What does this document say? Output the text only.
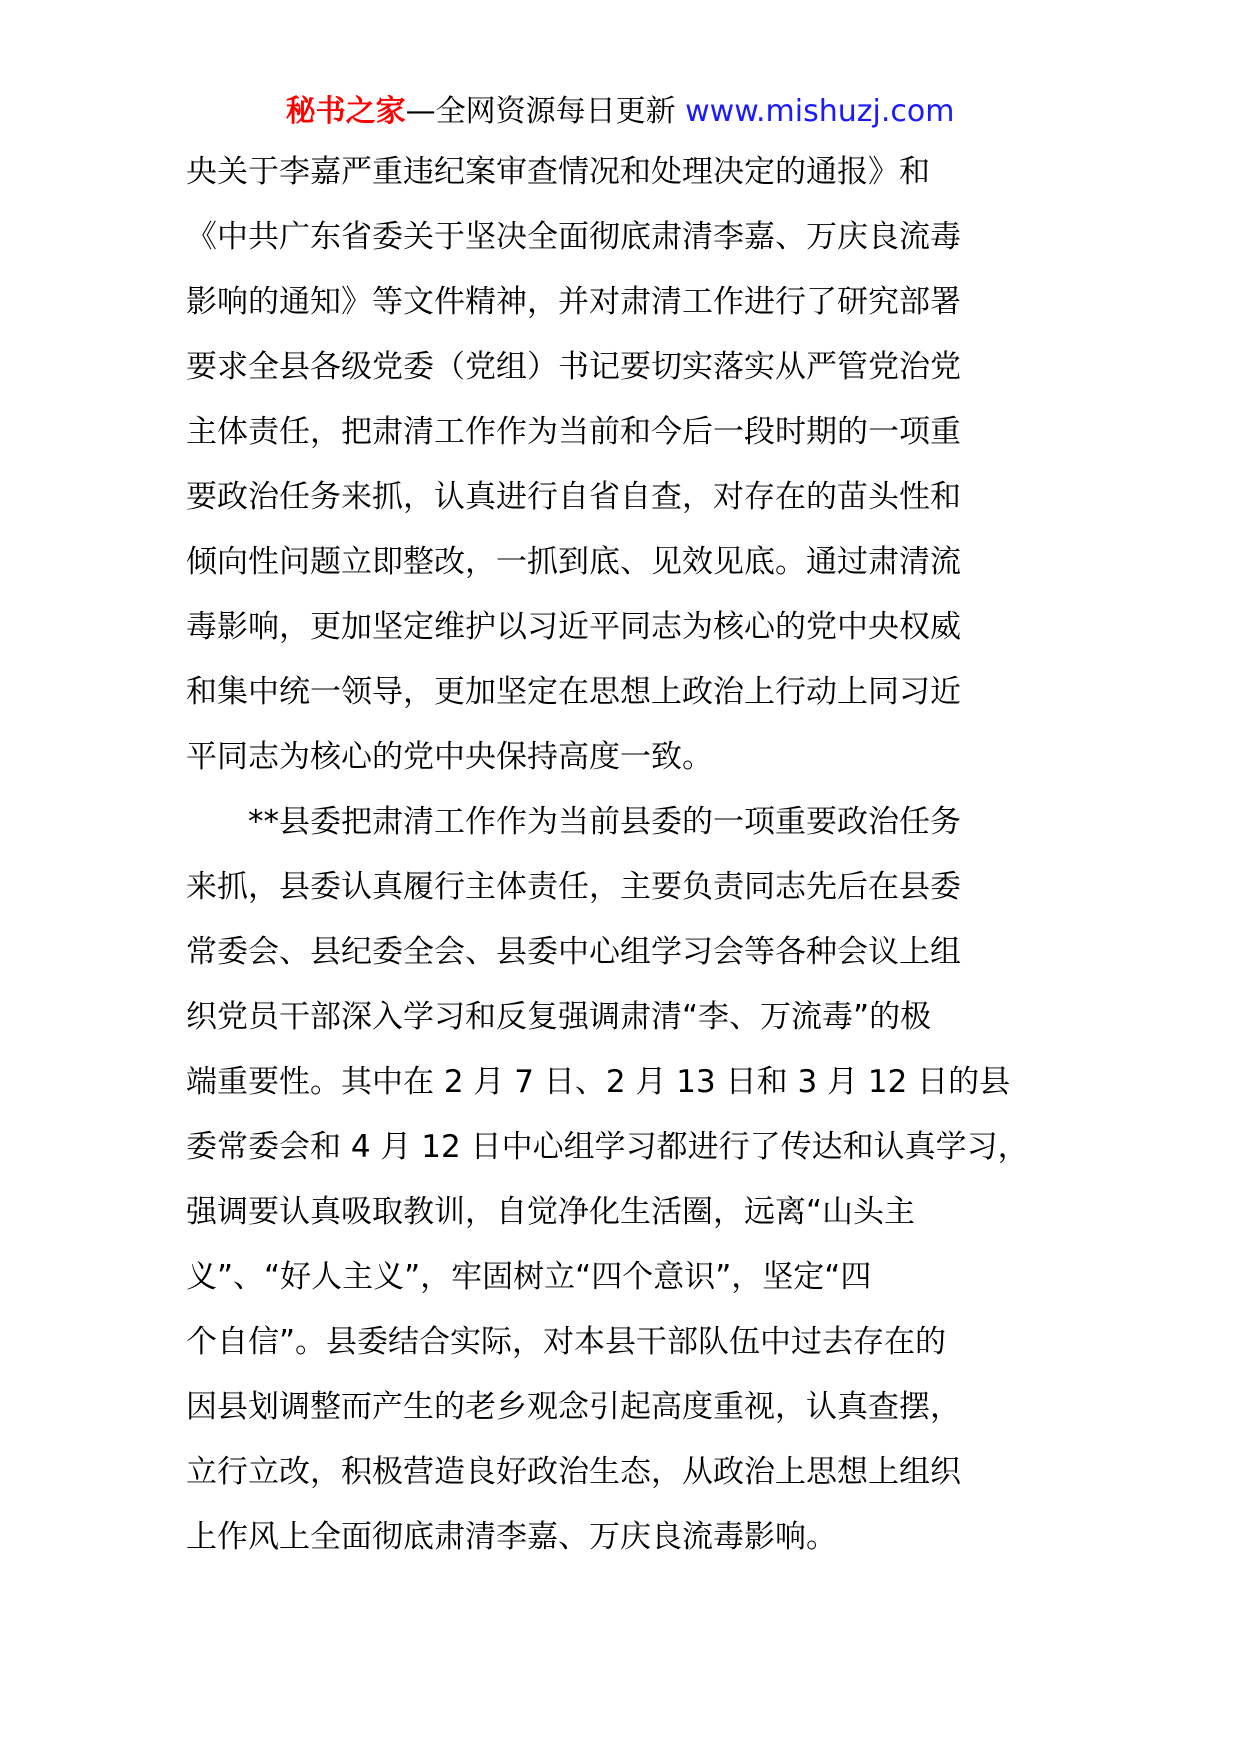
秘书之家—全网资源每日更新 www.mishuzj.com
央关于李嘉严重违纪案审查情况和处理决定的通报》和
《中共广东省委关于坚决全面彻底肃清李嘉、万庆良流毒
影响的通知》等文件精神，并对肃清工作进行了研究部署
要求全县各级党委（党组）书记要切实落实从严管党治党
主体责任，把肃清工作作为当前和今后一段时期的一项重
要政治任务来抓，认真进行自省自查，对存在的苗头性和
倾向性问题立即整改，一抓到底、见效见底。通过肃清流
毒影响，更加坚定维护以习近平同志为核心的党中央权威
和集中统一领导，更加坚定在思想上政治上行动上同习近
平同志为核心的党中央保持高度一致。
　　**县委把肃清工作作为当前县委的一项重要政治任务
来抓，县委认真履行主体责任，主要负责同志先后在县委
常委会、县纪委全会、县委中心组学习会等各种会议上组
织党员干部深入学习和反复强调肃清“李、万流毒”的极
端重要性。其中在 2 月 7 日、2 月 13 日和 3 月 12 日的县
委常委会和 4 月 12 日中心组学习都进行了传达和认真学习，
强调要认真吸取教训，自觉净化生活圈，远离“山头主
义”、“好人主义”，牢固树立“四个意识”，坚定“四
个自信”。县委结合实际，对本县干部队伍中过去存在的
因县划调整而产生的老乡观念引起高度重视，认真查摆，
立行立改，积极营造良好政治生态，从政治上思想上组织
上作风上全面彻底肃清李嘉、万庆良流毒影响。
